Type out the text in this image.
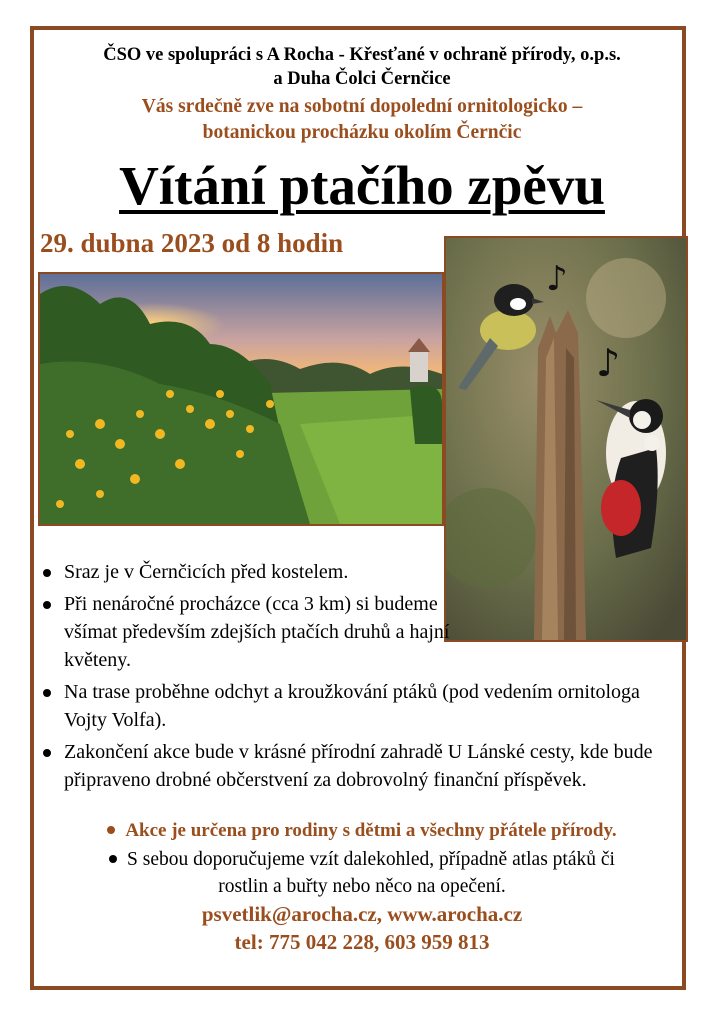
ČSO ve spolupráci s A Rocha - Křesťané v ochraně přírody, o.p.s.
a Duha Čolci Černčice
Vás srdečně zve na sobotní dopolední ornitologicko –
botanickou procházku okolím Černčic
Vítání ptačího zpěvu
29. dubna 2023 od 8 hodin
♪
♪
Sraz je v Černčicích před kostelem.
Při nenáročné procházce (cca 3 km) si budeme všímat především zdejších ptačích druhů a hajní květeny.
Na trase proběhne odchyt a kroužkování ptáků (pod vedením ornitologa Vojty Volfa).
Zakončení akce bude v krásné přírodní zahradě U Lánské cesty, kde bude připraveno drobné občerstvení za dobrovolný finanční příspěvek.
Akce je určena pro rodiny s dětmi a všechny přátele přírody.
S sebou doporučujeme vzít dalekohled, případně atlas ptáků či
rostlin a buřty nebo něco na opečení.
psvetlik@arocha.cz, www.arocha.cz
tel: 775 042 228, 603 959 813
